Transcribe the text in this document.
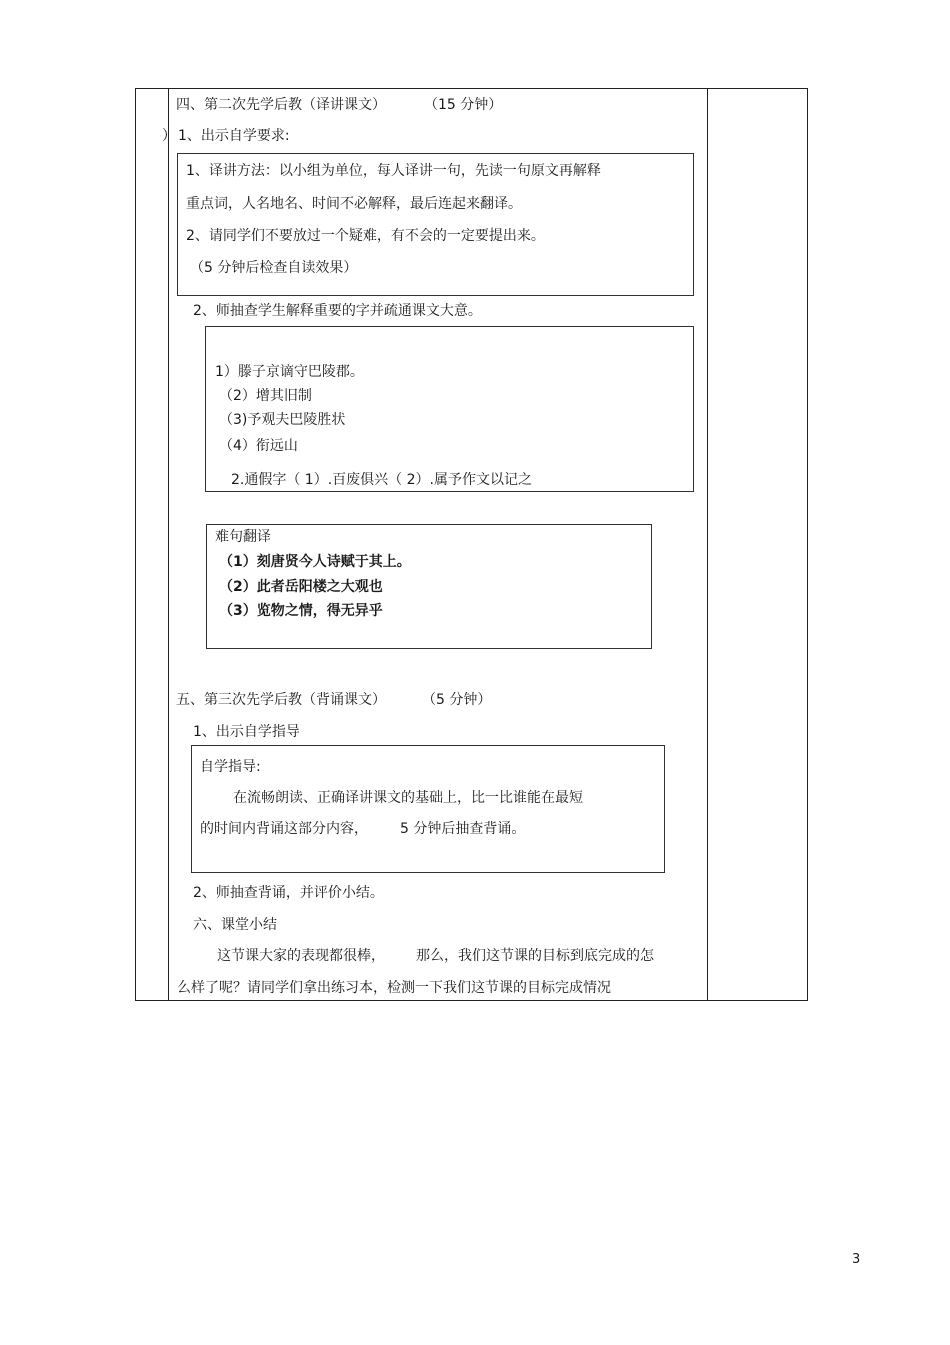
四、第二次先学后教（译讲课文）	（15 分钟）
） 1、出示自学要求:
1、译讲方法：以小组为单位，每人译讲一句，先读一句原文再解释
重点词，人名地名、时间不必解释，最后连起来翻译。
2、请同学们不要放过一个疑难，有不会的一定要提出来。
（5 分钟后检查自读效果）
2、师抽查学生解释重要的字并疏通课文大意。
1）滕子京谪守巴陵郡。
（2）增其旧制
（3)予观夫巴陵胜状
（4）衔远山
2.通假字（ 1）.百废俱兴（ 2）.属予作文以记之
难句翻译
（1）刻唐贤今人诗赋于其上。
（2）此者岳阳楼之大观也
（3）览物之情，得无异乎
五、第三次先学后教（背诵课文）	（5 分钟）
1、出示自学指导
自学指导:
在流畅朗读、正确译讲课文的基础上，比一比谁能在最短
的时间内背诵这部分内容， 5 分钟后抽查背诵。
2、师抽查背诵，并评价小结。
六、课堂小结
这节课大家的表现都很棒， 那么，我们这节课的目标到底完成的怎
么样了呢？请同学们拿出练习本，检测一下我们这节课的目标完成情况
3
